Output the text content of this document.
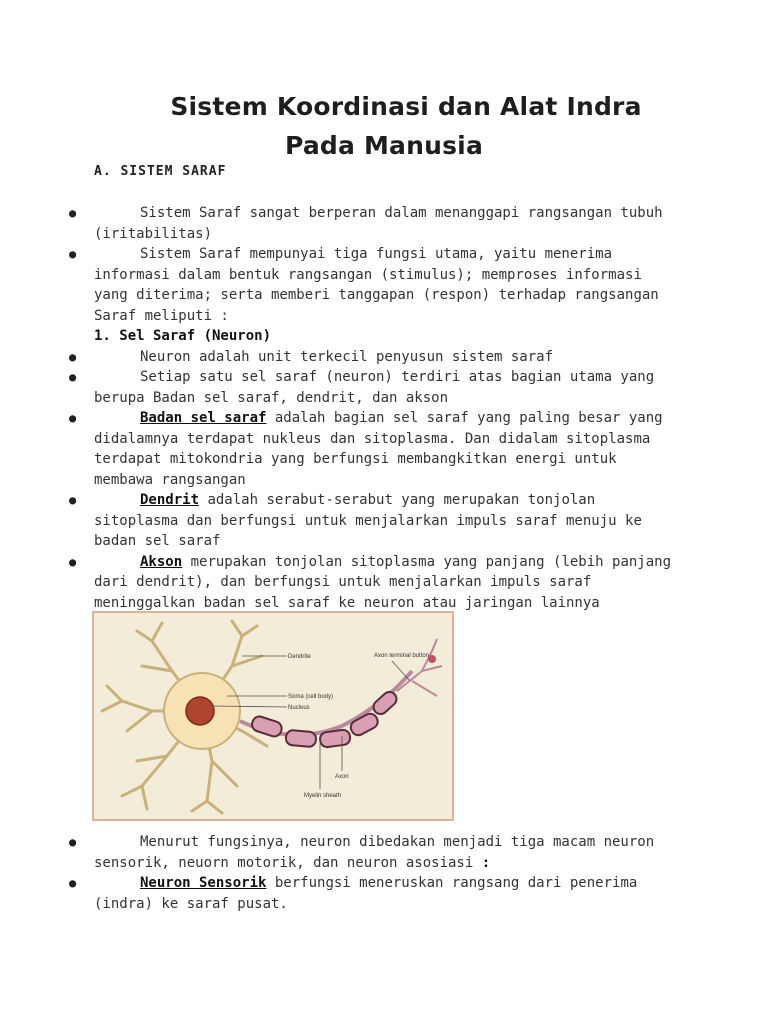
Sistem Koordinasi dan Alat Indra
Pada Manusia
A. SISTEM SARAF
●	Sistem Saraf sangat berperan dalam menanggapi rangsangan tubuh (iritabilitas)
●	Sistem Saraf mempunyai tiga fungsi utama, yaitu menerima informasi dalam bentuk rangsangan (stimulus); memproses informasi yang diterima; serta memberi tanggapan (respon) terhadap rangsangan
Saraf meliputi :
1. Sel Saraf (Neuron)
●	Neuron adalah unit terkecil penyusun sistem saraf
●	Setiap satu sel saraf (neuron) terdiri atas bagian utama yang berupa Badan sel saraf, dendrit, dan akson
●	Badan sel saraf adalah bagian sel saraf yang paling besar yang didalamnya terdapat nukleus dan sitoplasma. Dan didalam sitoplasma terdapat mitokondria yang berfungsi membangkitkan energi untuk membawa rangsangan
●	Dendrit adalah serabut-serabut yang merupakan tonjolan sitoplasma dan berfungsi untuk menjalarkan impuls saraf menuju ke badan sel saraf
●	Akson merupakan tonjolan sitoplasma yang panjang (lebih panjang dari dendrit), dan berfungsi untuk menjalarkan impuls saraf meninggalkan badan sel saraf ke neuron atau jaringan lainnya
Dendrite
Soma (cell body)
Nucleus
Axon terminal button
Axon
Myelin sheath
●	Menurut fungsinya, neuron dibedakan menjadi tiga macam neuron sensorik, neuorn motorik, dan neuron asosiasi :
●	Neuron Sensorik berfungsi meneruskan rangsang dari penerima (indra) ke saraf pusat.
